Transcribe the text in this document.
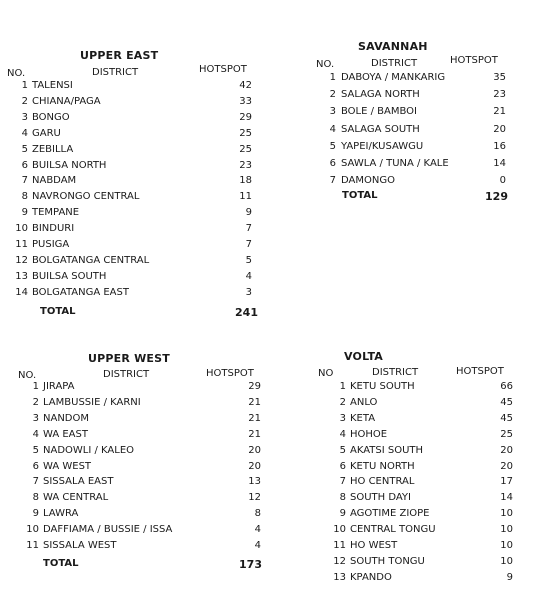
UPPER EAST
NO.	DISTRICT	HOTSPOT
1 TALENSI	42
2 CHIANA/PAGA	33
3 BONGO	29
4 GARU	25
5 ZEBILLA	25
6 BUILSA NORTH	23
7 NABDAM	18
8 NAVRONGO CENTRAL	11
9 TEMPANE	9
10 BINDURI	7
11 PUSIGA	7
12 BOLGATANGA CENTRAL	5
13 BUILSA SOUTH	4
14 BOLGATANGA EAST	3
TOTAL	241
SAVANNAH
NO.	DISTRICT	HOTSPOT
1 DABOYA / MANKARIG	35
2 SALAGA NORTH	23
3 BOLE / BAMBOI	21
4 SALAGA SOUTH	20
5 YAPEI/KUSAWGU	16
6 SAWLA / TUNA / KALE	14
7 DAMONGO	0
TOTAL	129
UPPER WEST
NO.	DISTRICT	HOTSPOT
1 JIRAPA	29
2 LAMBUSSIE / KARNI	21
3 NANDOM	21
4 WA EAST	21
5 NADOWLI / KALEO	20
6 WA WEST	20
7 SISSALA EAST	13
8 WA CENTRAL	12
9 LAWRA	8
10 DAFFIAMA / BUSSIE / ISSA	4
11 SISSALA WEST	4
TOTAL	173
VOLTA
NO	DISTRICT	HOTSPOT
1 KETU SOUTH	66
2 ANLO	45
3 KETA	45
4 HOHOE	25
5 AKATSI SOUTH	20
6 KETU NORTH	20
7 HO CENTRAL	17
8 SOUTH DAYI	14
9 AGOTIME ZIOPE	10
10 CENTRAL TONGU	10
11 HO WEST	10
12 SOUTH TONGU	10
13 KPANDO	9
